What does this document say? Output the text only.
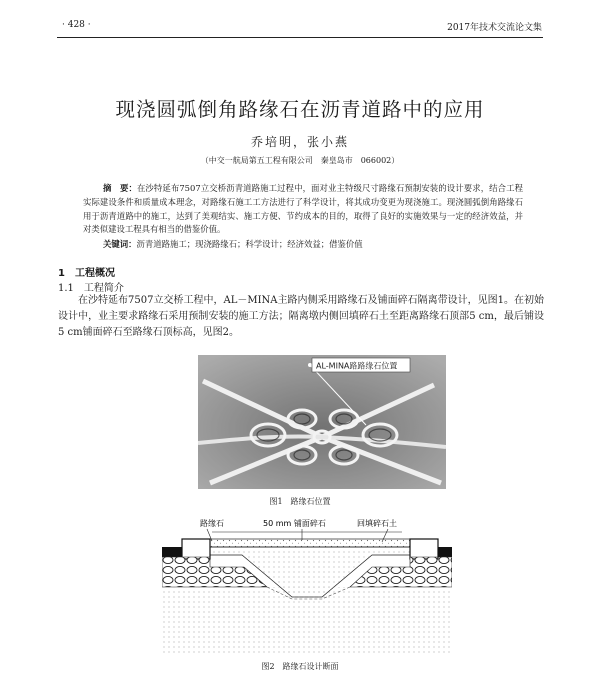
· 428 ·	2017年技术交流论文集
现浇圆弧倒角路缘石在沥青道路中的应用
乔培明，张小燕
（中交一航局第五工程有限公司　秦皇岛市　066002）
摘　要：在沙特延布7507立交桥沥青道路施工过程中，面对业主特级尺寸路缘石预制安装的设计要求，结合工程实际建设条件和质量成本理念，对路缘石施工工方法进行了科学设计，将其成功变更为现浇施工。现浇圆弧倒角路缘石用于沥青道路中的施工，达到了美观结实、施工方便、节约成本的目的，取得了良好的实施效果与一定的经济效益，并对类似建设工程具有相当的借鉴价值。
关键词：沥青道路施工；现浇路缘石；科学设计；经济效益；借鉴价值
1　工程概况
1.1　工程简介
在沙特延布7507立交桥工程中，AL－MINA主路内侧采用路缘石及铺面碎石隔离带设计，见图1。在初始设计中，业主要求路缘石采用预制安装的施工方法；隔离墩内侧回填碎石土至距离路缘石顶部5 cm，最后铺设5 cm铺面碎石至路缘石顶标高，见图2。
AL-MINA路路缘石位置
图1　路缘石位置
路缘石	50 mm 铺面碎石	回填碎石土
图2　路缘石设计断面
